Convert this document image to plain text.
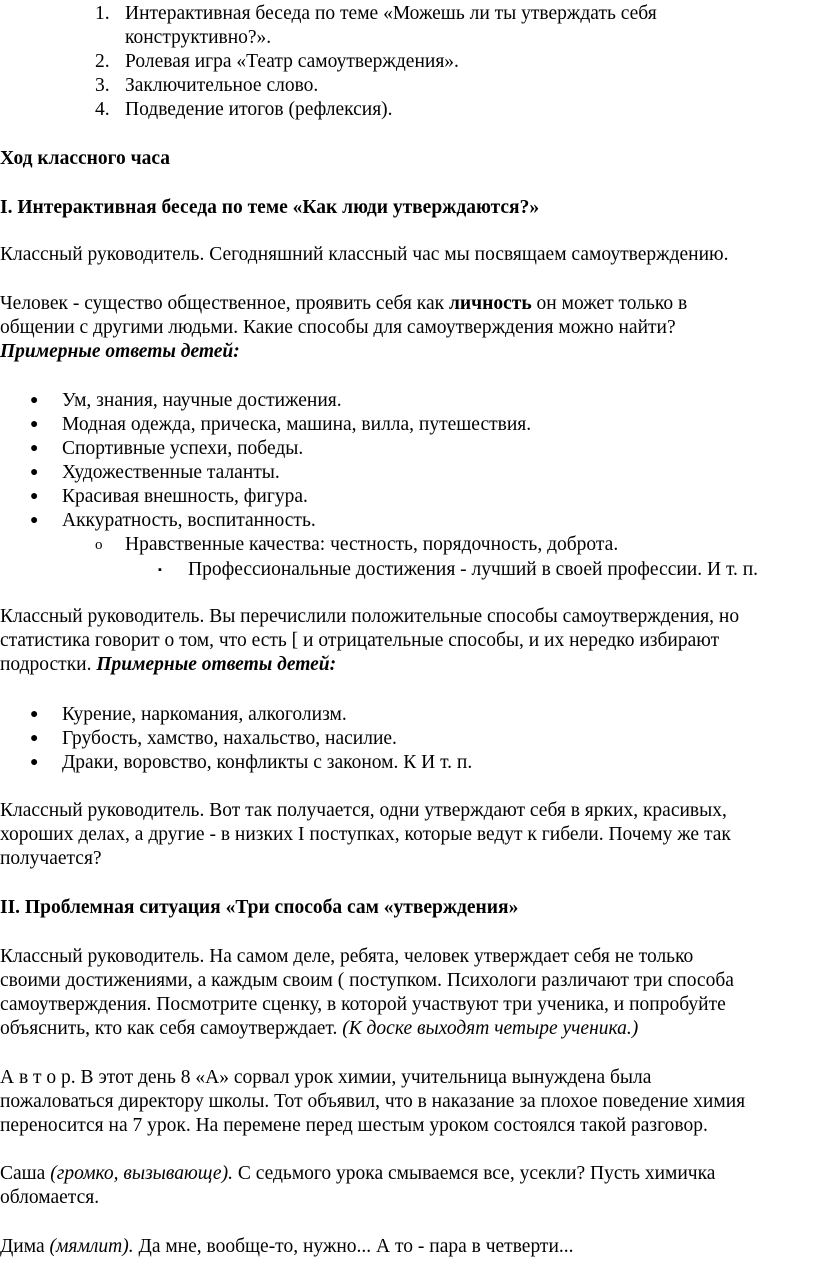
1. Интерактивная беседа по теме «Можешь ли ты утверждать себя
конструктивно?».
2. Ролевая игра «Театр самоутверждения».
3. Заключительное слово.
4. Подведение итогов (рефлексия).
Ход классного часа
I. Интерактивная беседа по теме «Как люди утверждаются?»
Классный руководитель. Сегодняшний классный час мы посвящаем самоутверждению.
Человек - существо общественное, проявить себя как личность он может только в
общении с другими людьми. Какие способы для самоутверждения можно найти?
Примерные ответы детей:
● Ум, знания, научные достижения.
● Модная одежда, прическа, машина, вилла, путешествия.
● Спортивные успехи, победы.
● Художественные таланты.
● Красивая внешность, фигура.
● Аккуратность, воспитанность.
o Нравственные качества: честность, порядочность, доброта.
▪ Профессиональные достижения - лучший в своей профессии. И т. п.
Классный руководитель. Вы перечислили положительные способы самоутверждения, но
статистика говорит о том, что есть [ и отрицательные способы, и их нередко избирают
подростки. Примерные ответы детей:
● Курение, наркомания, алкоголизм.
● Грубость, хамство, нахальство, насилие.
● Драки, воровство, конфликты с законом. К И т. п.
Классный руководитель. Вот так получается, одни утверждают себя в ярких, красивых,
хороших делах, а другие - в низких I поступках, которые ведут к гибели. Почему же так
получается?
II. Проблемная ситуация «Три способа сам «утверждения»
Классный руководитель. На самом деле, ребята, человек утверждает себя не только
своими достижениями, а каждым своим ( поступком. Психологи различают три способа
самоутверждения. Посмотрите сценку, в которой участвуют три ученика, и попробуйте
объяснить, кто как себя самоутверждает. (К доске выходят четыре ученика.)
А в т о р. В этот день 8 «А» сорвал урок химии, учительница вынуждена была
пожаловаться директору школы. Тот объявил, что в наказание за плохое поведение химия
переносится на 7 урок. На перемене перед шестым уроком состоялся такой разговор.
Саша (громко, вызывающе). С седьмого урока смываемся все, усекли? Пусть химичка
обломается.
Дима (мямлит). Да мне, вообще-то, нужно... А то - пара в четверти...
